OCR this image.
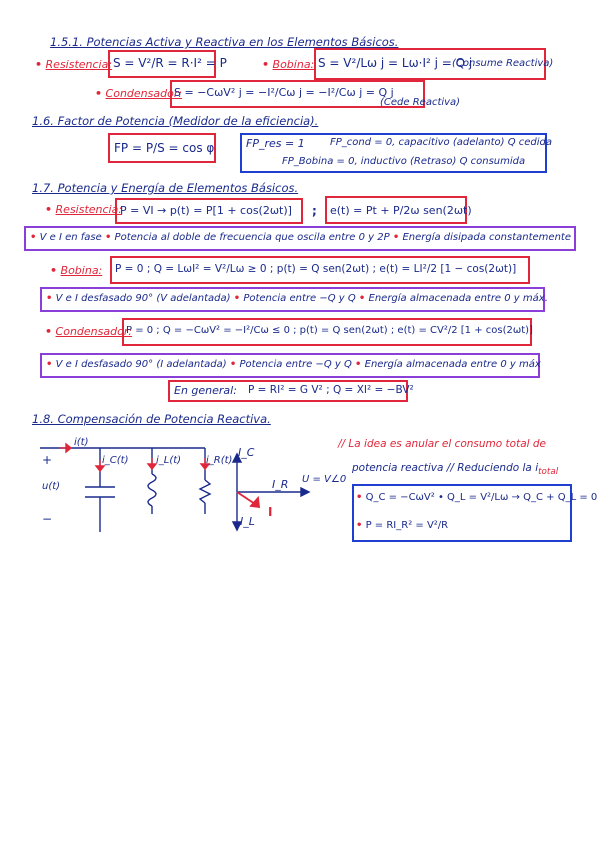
1.5.1. Potencias Activa y Reactiva en los Elementos Básicos.
• Resistencia: S = V²/R = R·I² = P	• Bobina: S = V²/Lω j = Lω·I² j = Q j
(Consume Reactiva)
• Condensador:
S = −CωV² j = −I²/Cω j = −I²/Cω j = Q j
(Cede Reactiva)
1.6. Factor de Potencia (Medidor de la eficiencia).
FP = P/S = cos φ	FP_res = 1	FP_cond = 0, capacitivo (adelanto) Q cedida
FP_Bobina = 0, inductivo (Retraso) Q consumida
1.7. Potencia y Energía de Elementos Básicos.
• Resistencia:
P = VI → p(t) = P[1 + cos(2ωt)] ; e(t) = Pt + P/2ω sen(2ωt)
• V e I en fase • Potencia al doble de frecuencia que oscila entre 0 y 2P • Energía disipada constantemente
• Bobina: P = 0 ; Q = LωI² = V²/Lω ≥ 0 ; p(t) = Q sen(2ωt) ; e(t) = LI²/2 [1 − cos(2ωt)]
• V e I desfasado 90° (V adelantada) • Potencia entre −Q y Q • Energía almacenada entre 0 y máx.
• Condensador:
P = 0 ; Q = −CωV² = −I²/Cω ≤ 0 ; p(t) = Q sen(2ωt) ; e(t) = CV²/2 [1 + cos(2ωt)]
• V e I desfasado 90° (I adelantada) • Potencia entre −Q y Q • Energía almacenada entre 0 y máx
En general: P = RI² = G V² ; Q = XI² = −BV²
1.8. Compensación de Potencia Reactiva.
i(t)
i_C(t)	i_L(t) i_R(t)
u(t)
+
−
I_C
I_R
I
I_L
U = V∠0
// La idea es anular el consumo total de
potencia reactiva // Reduciendo la $i_{total}$
• Q_C = −CωV² • Q_L = V²/Lω → Q_C + Q_L = 0
• P = RI_R² = V²/R
